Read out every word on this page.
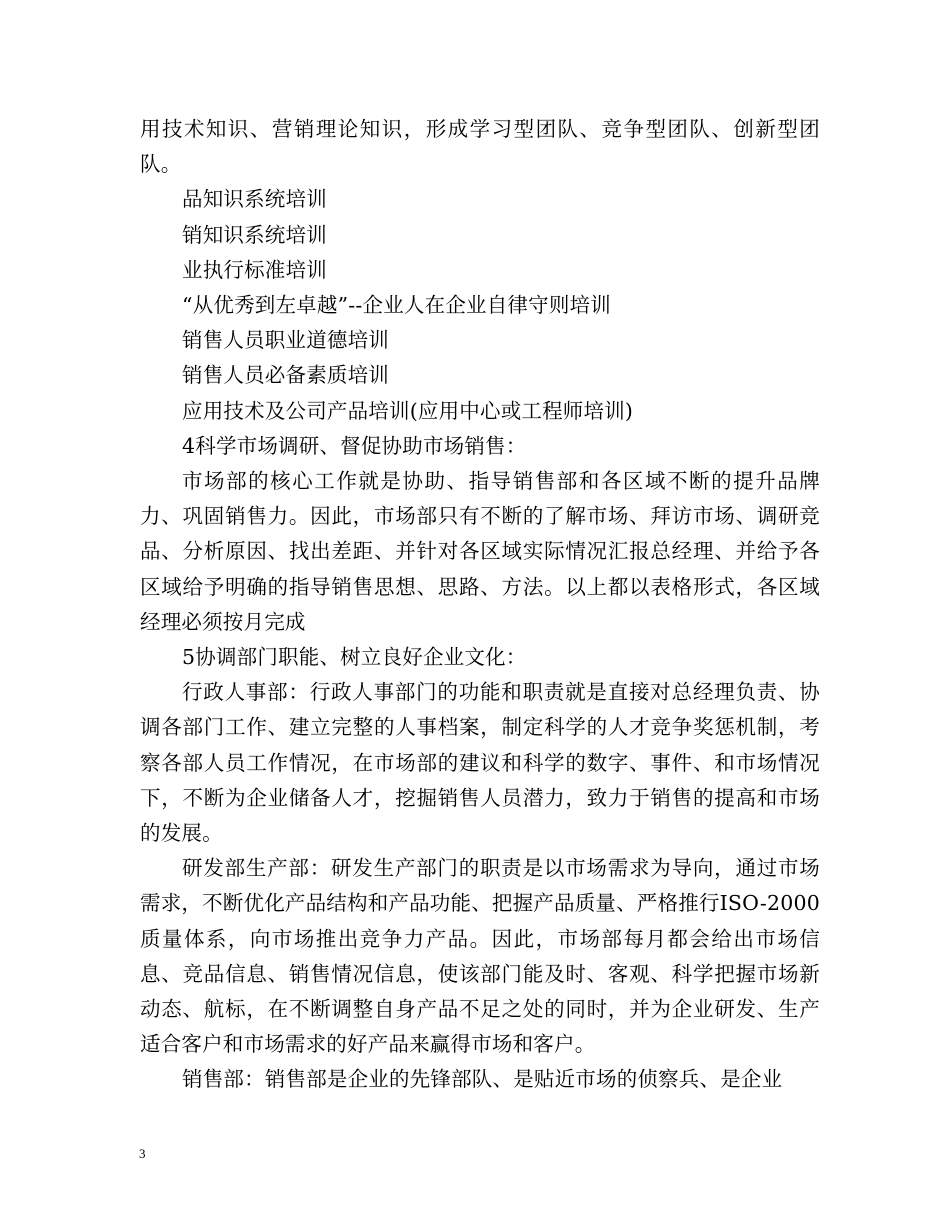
用技术知识、营销理论知识，形成学习型团队、竞争型团队、创新型团队。

品知识系统培训

销知识系统培训

业执行标准培训

“从优秀到左卓越”--企业人在企业自律守则培训

销售人员职业道德培训

销售人员必备素质培训

应用技术及公司产品培训(应用中心或工程师培训)

4科学市场调研、督促协助市场销售：

市场部的核心工作就是协助、指导销售部和各区域不断的提升品牌力、巩固销售力。因此，市场部只有不断的了解市场、拜访市场、调研竞品、分析原因、找出差距、并针对各区域实际情况汇报总经理、并给予各区域给予明确的指导销售思想、思路、方法。以上都以表格形式，各区域经理必须按月完成

5协调部门职能、树立良好企业文化：

行政人事部：行政人事部门的功能和职责就是直接对总经理负责、协调各部门工作、建立完整的人事档案，制定科学的人才竞争奖惩机制，考察各部人员工作情况，在市场部的建议和科学的数字、事件、和市场情况下，不断为企业储备人才，挖掘销售人员潜力，致力于销售的提高和市场的发展。

研发部生产部：研发生产部门的职责是以市场需求为导向，通过市场需求，不断优化产品结构和产品功能、把握产品质量、严格推行ISO-2000质量体系，向市场推出竞争力产品。因此，市场部每月都会给出市场信息、竞品信息、销售情况信息，使该部门能及时、客观、科学把握市场新动态、航标，在不断调整自身产品不足之处的同时，并为企业研发、生产适合客户和市场需求的好产品来赢得市场和客户。

销售部：销售部是企业的先锋部队、是贴近市场的侦察兵、是企业

3
